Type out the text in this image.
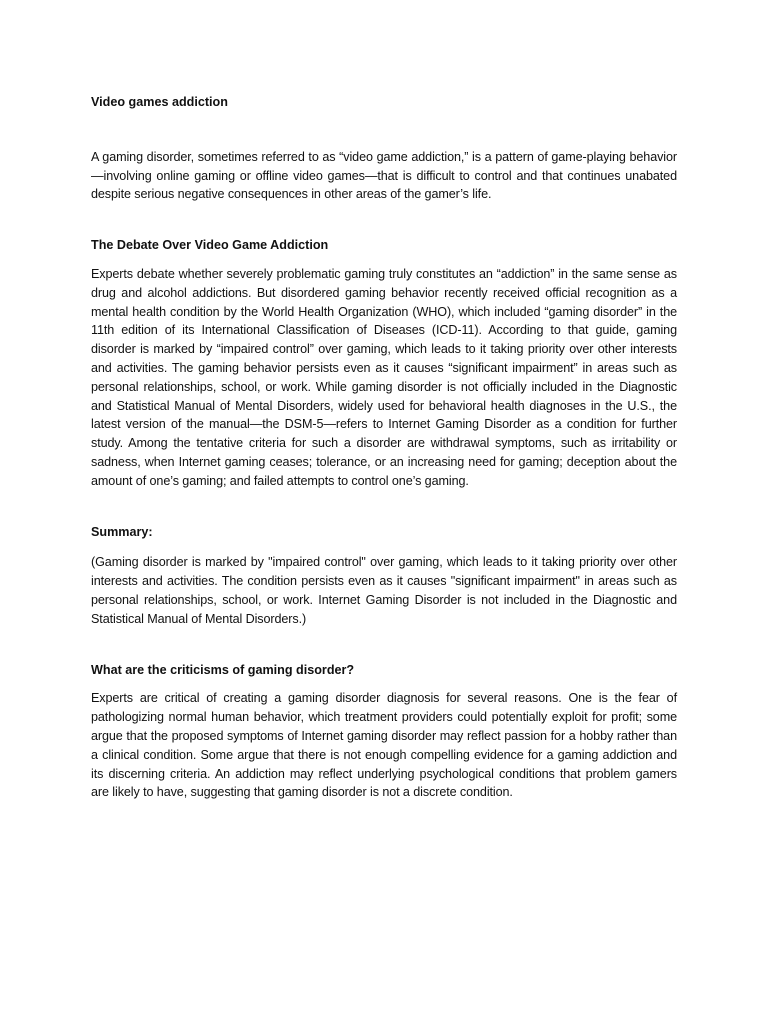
Video games addiction

A gaming disorder, sometimes referred to as “video game addiction,” is a pattern of game-playing behavior—involving online gaming or offline video games—that is difficult to control and that continues unabated despite serious negative consequences in other areas of the gamer’s life.

The Debate Over Video Game Addiction

Experts debate whether severely problematic gaming truly constitutes an “addiction” in the same sense as drug and alcohol addictions. But disordered gaming behavior recently received official recognition as a mental health condition by the World Health Organization (WHO), which included “gaming disorder” in the 11th edition of its International Classification of Diseases (ICD-11). According to that guide, gaming disorder is marked by “impaired control” over gaming, which leads to it taking priority over other interests and activities. The gaming behavior persists even as it causes “significant impairment” in areas such as personal relationships, school, or work. While gaming disorder is not officially included in the Diagnostic and Statistical Manual of Mental Disorders, widely used for behavioral health diagnoses in the U.S., the latest version of the manual—the DSM-5—refers to Internet Gaming Disorder as a condition for further study. Among the tentative criteria for such a disorder are withdrawal symptoms, such as irritability or sadness, when Internet gaming ceases; tolerance, or an increasing need for gaming; deception about the amount of one’s gaming; and failed attempts to control one’s gaming.

Summary:

(Gaming disorder is marked by "impaired control" over gaming, which leads to it taking priority over other interests and activities. The condition persists even as it causes "significant impairment" in areas such as personal relationships, school, or work. Internet Gaming Disorder is not included in the Diagnostic and Statistical Manual of Mental Disorders.)

What are the criticisms of gaming disorder?

Experts are critical of creating a gaming disorder diagnosis for several reasons. One is the fear of pathologizing normal human behavior, which treatment providers could potentially exploit for profit; some argue that the proposed symptoms of Internet gaming disorder may reflect passion for a hobby rather than a clinical condition. Some argue that there is not enough compelling evidence for a gaming addiction and its discerning criteria. An addiction may reflect underlying psychological conditions that problem gamers are likely to have, suggesting that gaming disorder is not a discrete condition.
